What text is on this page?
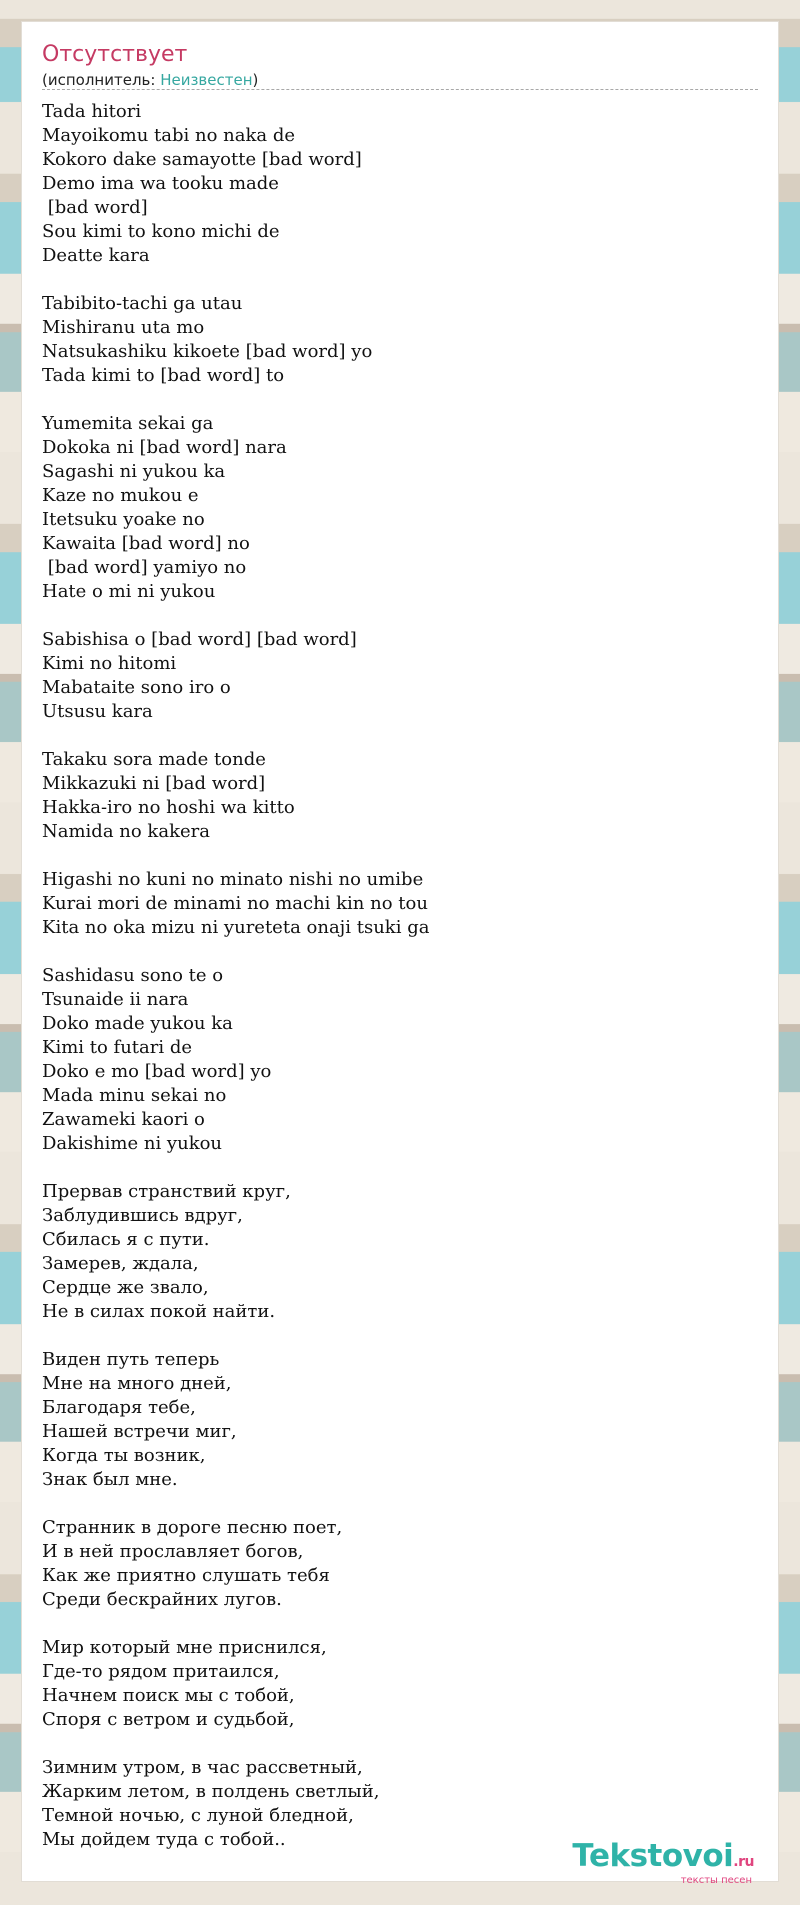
Отсутствует
(исполнитель: Неизвестен)
Tada hitori
Mayoikomu tabi no naka de
Kokoro dake samayotte [bad word]
Demo ima wa tooku made
[bad word]
Sou kimi to kono michi de
Deatte kara
Tabibito-tachi ga utau
Mishiranu uta mo
Natsukashiku kikoete [bad word] yo
Tada kimi to [bad word] to
Yumemita sekai ga
Dokoka ni [bad word] nara
Sagashi ni yukou ka
Kaze no mukou e
Itetsuku yoake no
Kawaita [bad word] no
[bad word] yamiyo no
Hate o mi ni yukou
Sabishisa o [bad word] [bad word]
Kimi no hitomi
Mabataite sono iro o
Utsusu kara
Takaku sora made tonde
Mikkazuki ni [bad word]
Hakka-iro no hoshi wa kitto
Namida no kakera
Higashi no kuni no minato nishi no umibe
Kurai mori de minami no machi kin no tou
Kita no oka mizu ni yureteta onaji tsuki ga
Sashidasu sono te o
Tsunaide ii nara
Doko made yukou ka
Kimi to futari de
Doko e mo [bad word] yo
Mada minu sekai no
Zawameki kaori o
Dakishime ni yukou
Прервав странствий круг,
Заблудившись вдруг,
Сбилась я с пути.
Замерев, ждала,
Сердце же звало,
Не в силах покой найти.
Виден путь теперь
Мне на много дней,
Благодаря тебе,
Нашей встречи миг,
Когда ты возник,
Знак был мне.
Странник в дороге песню поет,
И в ней прославляет богов,
Как же приятно слушать тебя
Среди бескрайних лугов.
Мир который мне приснился,
Где-то рядом притаился,
Начнем поиск мы с тобой,
Споря с ветром и судьбой,
Зимним утром, в час рассветный,
Жарким летом, в полдень светлый,
Темной ночью, с луной бледной,
Мы дойдем туда с тобой..	Tekstovoi.ru
тексты песен
